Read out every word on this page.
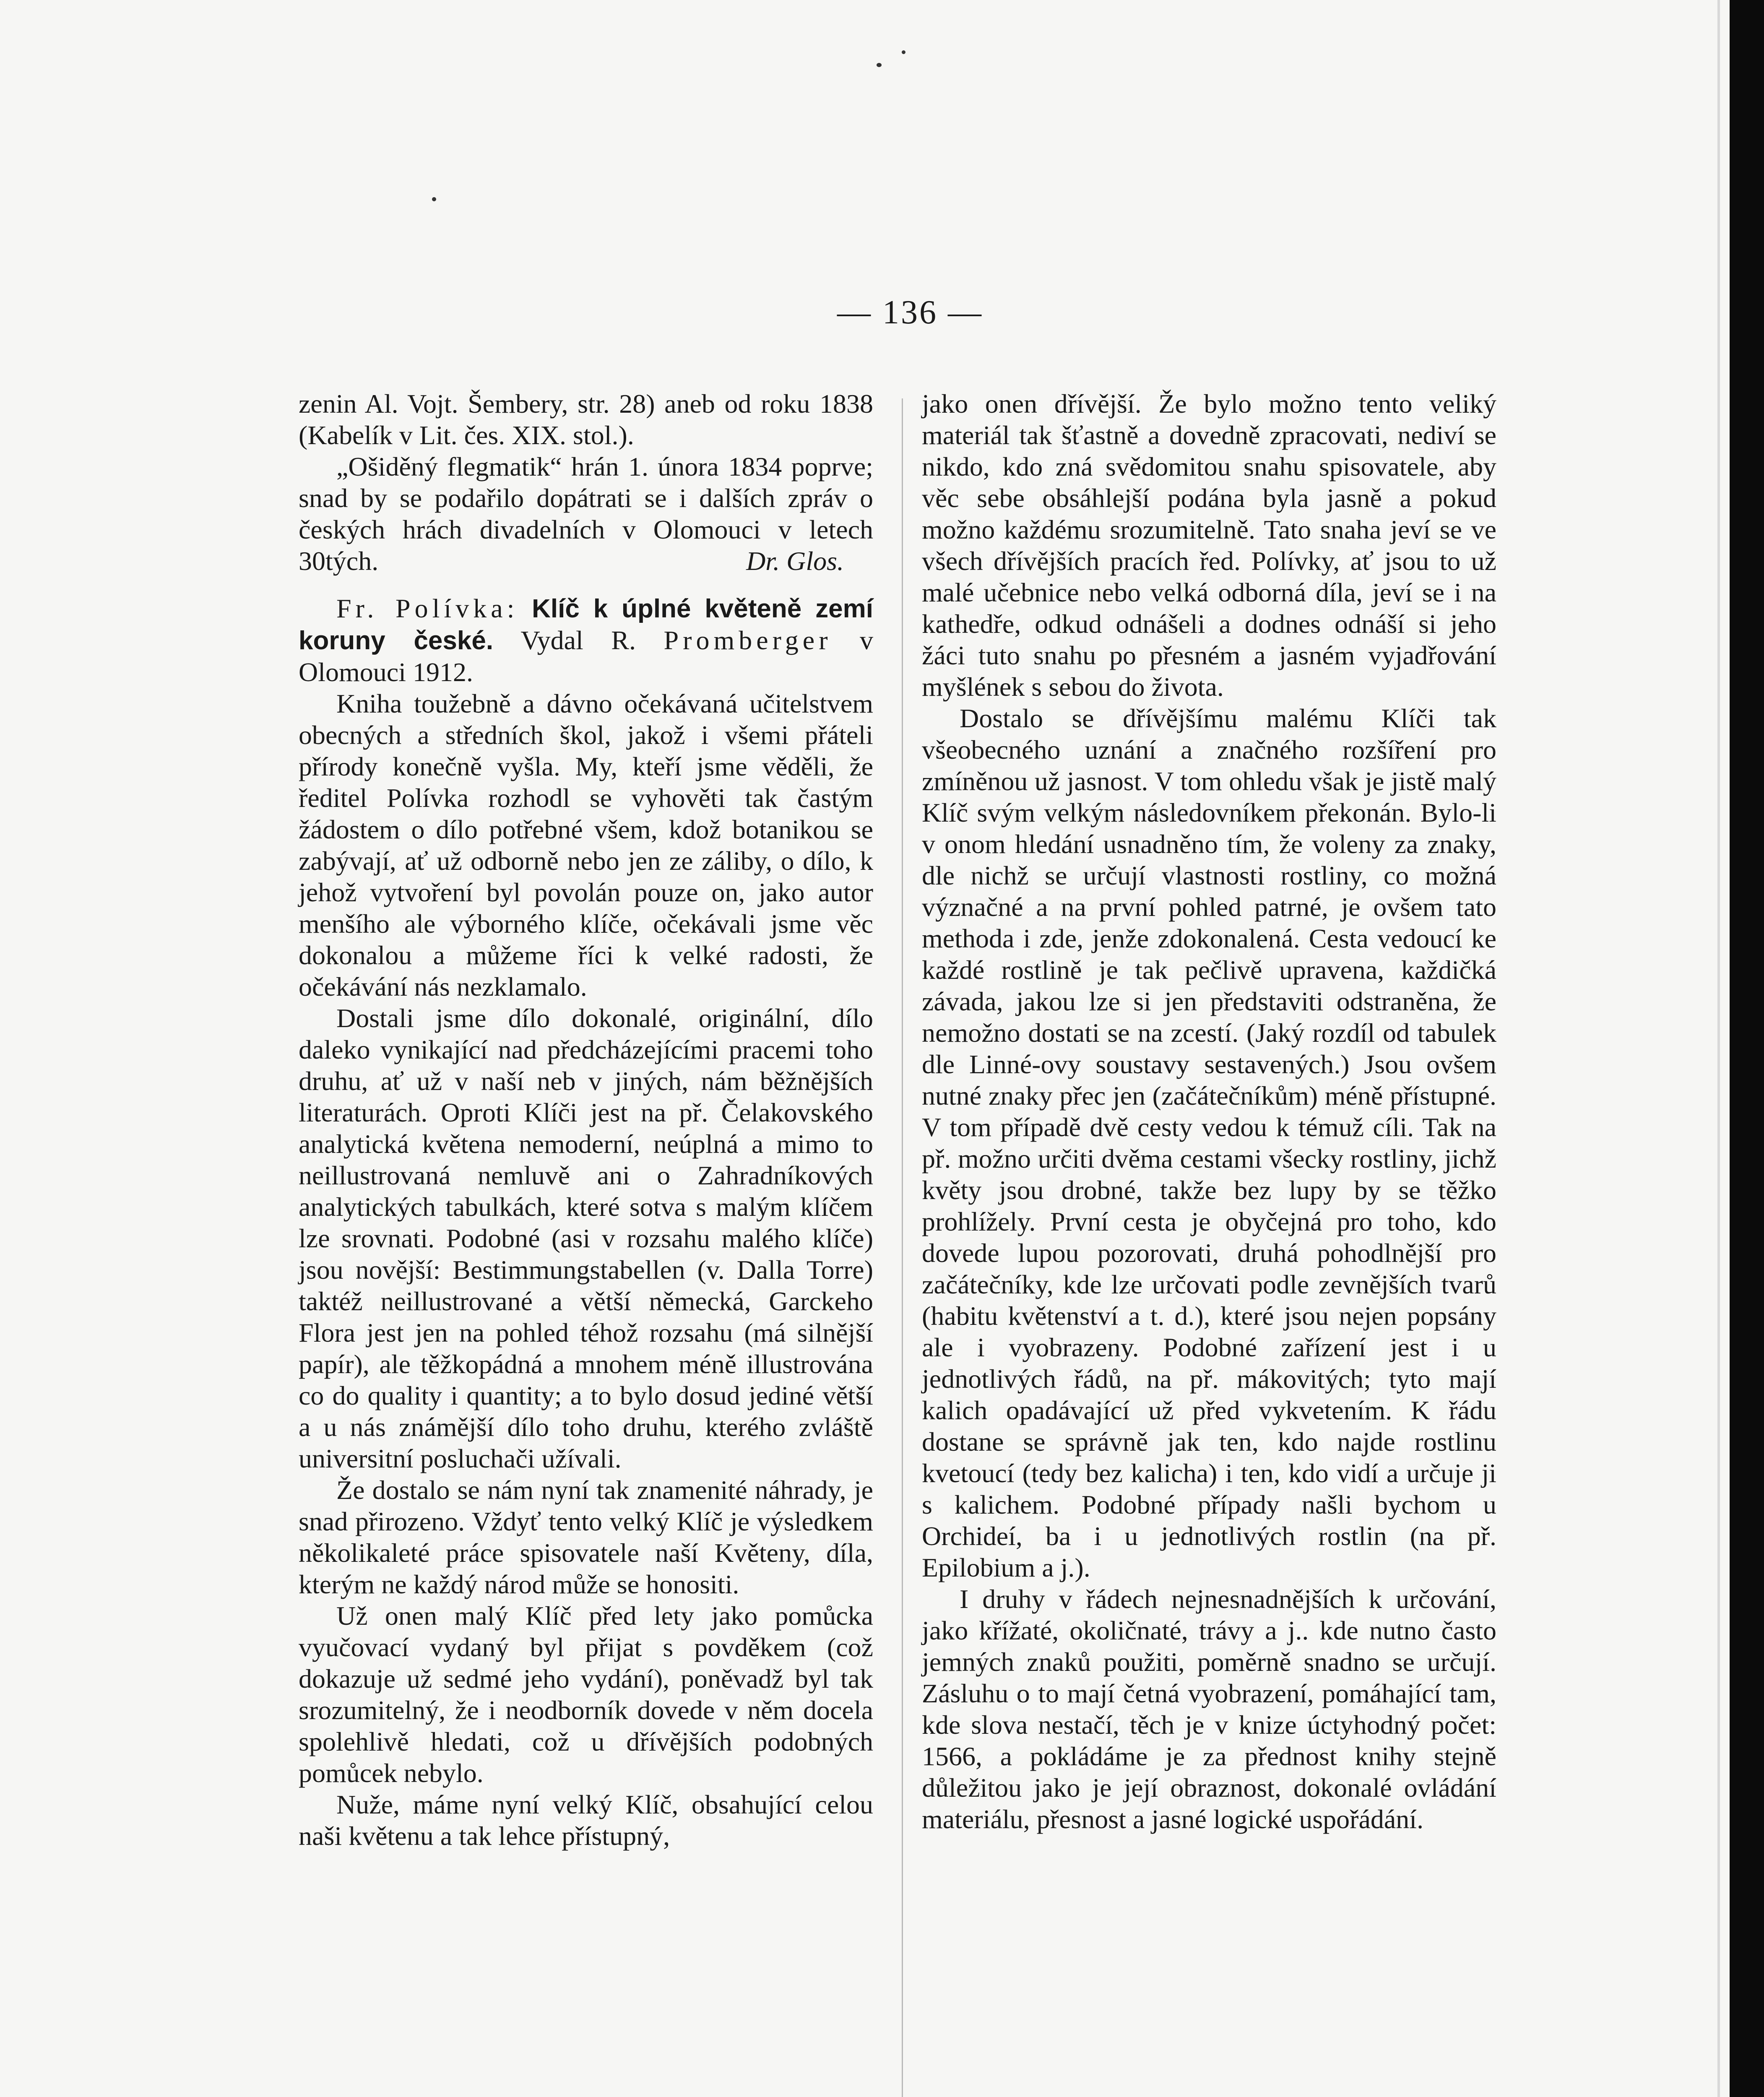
— 136 —

zenin Al. Vojt. Šembery, str. 28) aneb od roku 1838 (Kabelík v Lit. čes. XIX. stol.).

„Ošiděný flegmatik“ hrán 1. února 1834 poprve; snad by se podařilo dopátrati se i dalších zpráv o českých hrách divadelních v Olomouci v letech 30tých.	Dr. Glos.

Fr. Polívka: Klíč k úplné květeně zemí koruny české. Vydal R. Promberger v Olomouci 1912.

Kniha toužebně a dávno očekávaná učitelstvem obecných a středních škol, jakož i všemi přáteli přírody konečně vyšla. My, kteří jsme věděli, že ředitel Polívka rozhodl se vyhověti tak častým žádostem o dílo potřebné všem, kdož botanikou se zabývají, ať už odborně nebo jen ze záliby, o dílo, k jehož vytvoření byl povolán pouze on, jako autor menšího ale výborného klíče, očekávali jsme věc dokonalou a můžeme říci k velké radosti, že očekávání nás nezklamalo.

Dostali jsme dílo dokonalé, originální, dílo daleko vynikající nad předcházejícími pracemi toho druhu, ať už v naší neb v jiných, nám běžnějších literaturách. Oproti Klíči jest na př. Čelakovského analytická květena nemoderní, neúplná a mimo to neillustrovaná nemluvě ani o Zahradníkových analytických tabulkách, které sotva s malým klíčem lze srovnati. Podobné (asi v rozsahu malého klíče) jsou novější: Bestimmungstabellen (v. Dalla Torre) taktéž neillustrované a větší německá, Garckeho Flora jest jen na pohled téhož rozsahu (má silnější papír), ale těžkopádná a mnohem méně illustrována co do quality i quantity; a to bylo dosud jediné větší a u nás známější dílo toho druhu, kterého zvláště universitní posluchači užívali.

Že dostalo se nám nyní tak znamenité náhrady, je snad přirozeno. Vždyť tento velký Klíč je výsledkem několikaleté práce spisovatele naší Květeny, díla, kterým ne každý národ může se honositi.

Už onen malý Klíč před lety jako pomůcka vyučovací vydaný byl přijat s povděkem (což dokazuje už sedmé jeho vydání), poněvadž byl tak srozumitelný, že i neodborník dovede v něm docela spolehlivě hledati, což u dřívějších podobných pomůcek nebylo.

Nuže, máme nyní velký Klíč, obsahující celou naši květenu a tak lehce přístupný,

jako onen dřívější. Že bylo možno tento veliký materiál tak šťastně a dovedně zpracovati, nediví se nikdo, kdo zná svědomitou snahu spisovatele, aby věc sebe obsáhlejší podána byla jasně a pokud možno každému srozumitelně. Tato snaha jeví se ve všech dřívějších pracích řed. Polívky, ať jsou to už malé učebnice nebo velká odborná díla, jeví se i na kathedře, odkud odnášeli a dodnes odnáší si jeho žáci tuto snahu po přesném a jasném vyjadřování myšlének s sebou do života.

Dostalo se dřívějšímu malému Klíči tak všeobecného uznání a značného rozšíření pro zmíněnou už jasnost. V tom ohledu však je jistě malý Klíč svým velkým následovníkem překonán. Bylo-li v onom hledání usnadněno tím, že voleny za znaky, dle nichž se určují vlastnosti rostliny, co možná význačné a na první pohled patrné, je ovšem tato methoda i zde, jenže zdokonalená. Cesta vedoucí ke každé rostlině je tak pečlivě upravena, každičká závada, jakou lze si jen představiti odstraněna, že nemožno dostati se na zcestí. (Jaký rozdíl od tabulek dle Linné-ovy soustavy sestavených.) Jsou ovšem nutné znaky přec jen (začátečníkům) méně přístupné. V tom případě dvě cesty vedou k témuž cíli. Tak na př. možno určiti dvěma cestami všecky rostliny, jichž květy jsou drobné, takže bez lupy by se těžko prohlížely. První cesta je obyčejná pro toho, kdo dovede lupou pozorovati, druhá pohodlnější pro začátečníky, kde lze určovati podle zevnějších tvarů (habitu květenství a t. d.), které jsou nejen popsány ale i vyobrazeny. Podobné zařízení jest i u jednotlivých řádů, na př. mákovitých; tyto mají kalich opadávající už před vykvetením. K řádu dostane se správně jak ten, kdo najde rostlinu kvetoucí (tedy bez kalicha) i ten, kdo vidí a určuje ji s kalichem. Podobné případy našli bychom u Orchideí, ba i u jednotlivých rostlin (na př. Epilobium a j.).

I druhy v řádech nejnesnadnějších k určování, jako křížaté, okoličnaté, trávy a j.. kde nutno často jemných znaků použiti, poměrně snadno se určují. Zásluhu o to mají četná vyobrazení, pomáhající tam, kde slova nestačí, těch je v knize úctyhodný počet: 1566, a pokládáme je za přednost knihy stejně důležitou jako je její obraznost, dokonalé ovládání materiálu, přesnost a jasné logické uspořádání.
